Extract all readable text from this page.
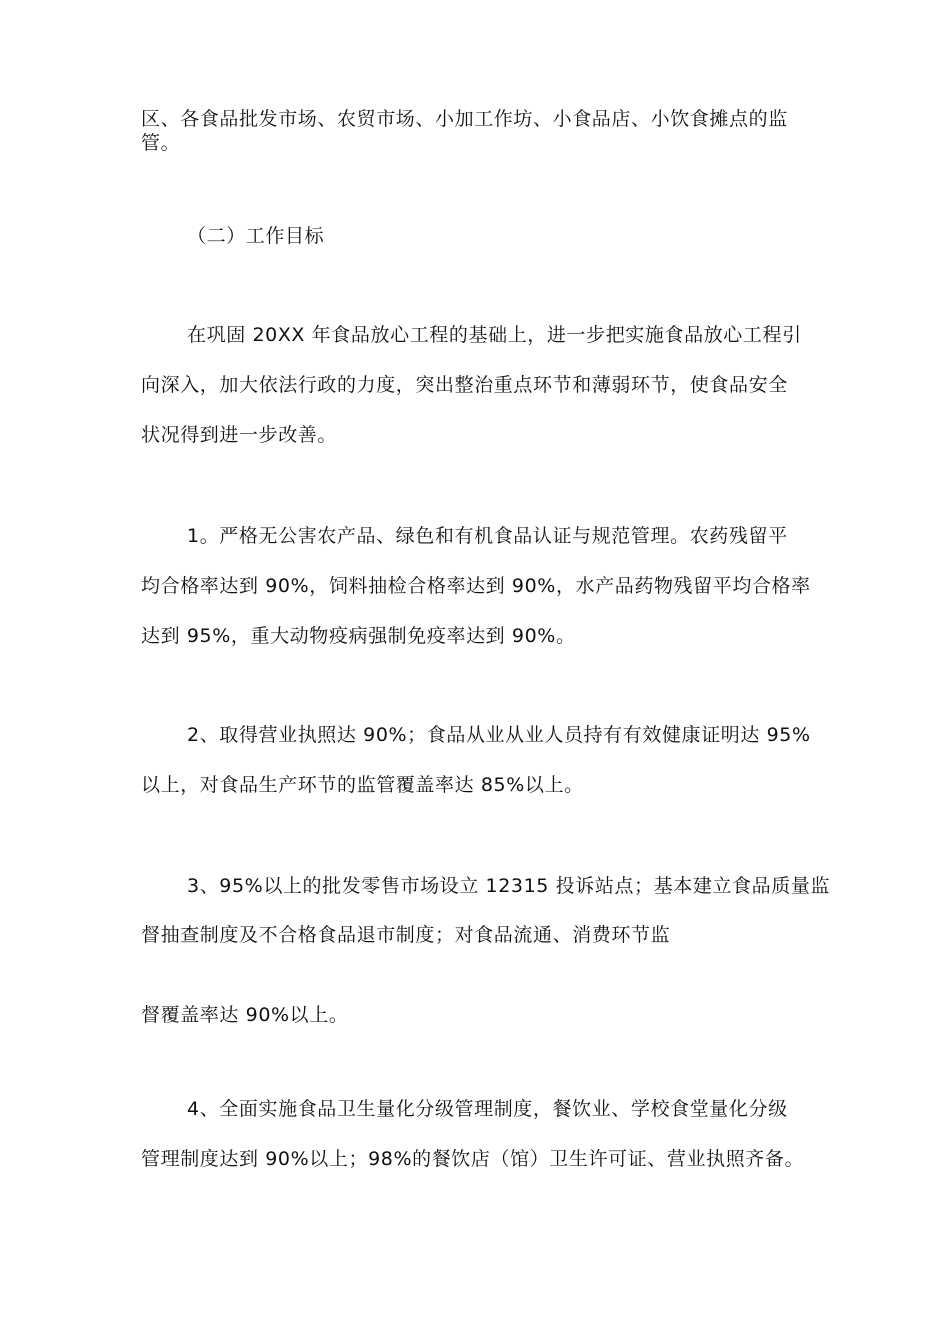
区、各食品批发市场、农贸市场、小加工作坊、小食品店、小饮食摊点的监
管。
（二）工作目标
在巩固 20XX 年食品放心工程的基础上，进一步把实施食品放心工程引
向深入，加大依法行政的力度，突出整治重点环节和薄弱环节，使食品安全
状况得到进一步改善。
1。严格无公害农产品、绿色和有机食品认证与规范管理。农药残留平
均合格率达到 90%，饲料抽检合格率达到 90%，水产品药物残留平均合格率
达到 95%，重大动物疫病强制免疫率达到 90%。
2、取得营业执照达 90%；食品从业从业人员持有有效健康证明达 95%
以上，对食品生产环节的监管覆盖率达 85%以上。
3、95%以上的批发零售市场设立 12315 投诉站点；基本建立食品质量监
督抽查制度及不合格食品退市制度；对食品流通、消费环节监
督覆盖率达 90%以上。
4、全面实施食品卫生量化分级管理制度，餐饮业、学校食堂量化分级
管理制度达到 90%以上；98%的餐饮店（馆）卫生许可证、营业执照齐备。
